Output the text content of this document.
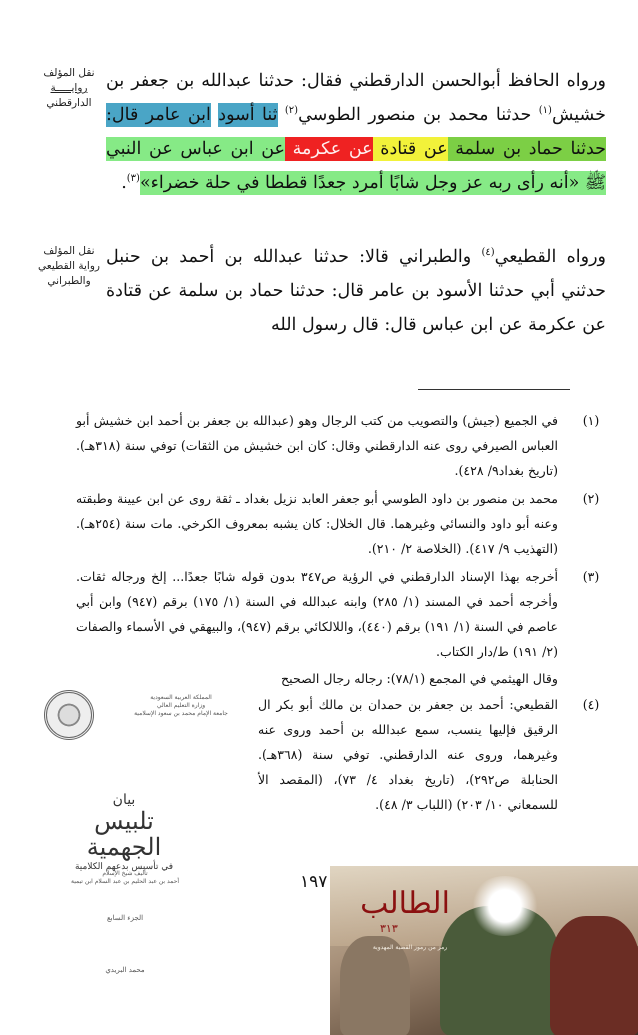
نقل المؤلف
روايـــــة
الدارقطني
نقل المؤلف
رواية القطيعي
والطبراني
ورواه الحافظ أبوالحسن الدارقطني فقال: حدثنا عبدالله بن جعفر بن خشيش$^{(١)}$ حدثنا محمد بن منصور الطوسي$^{(٢)}$ ثنا أسود ابن عامر قال: حدثنا حماد بن سلمة عن قتادة عن عكرمة عن ابن عباس عن النبي ﷺ «أنه رأى ربه عز وجل شابًا أمرد جعدًا قططا في حلة خضراء»$^{(٣)}$.
ورواه القطيعي$^{(٤)}$ والطبراني قالا: حدثنا عبدالله بن أحمد بن حنبل حدثني أبي حدثنا الأسود بن عامر قال: حدثنا حماد بن سلمة عن قتادة عن عكرمة عن ابن عباس قال: قال رسول الله
(١)
في الجميع (جيش) والتصويب من كتب الرجال وهو (عبدالله بن جعفر بن أحمد ابن خشيش أبو العباس الصيرفي روى عنه الدارقطني وقال: كان ابن خشيش من الثقات) توفي سنة (٣١٨هـ). (تاريخ بغداد٩/ ٤٢٨).
(٢)
محمد بن منصور بن داود الطوسي أبو جعفر العابد نزيل بغداد ـ ثقة روى عن ابن عيينة وطبقته وعنه أبو داود والنسائي وغيرهما. قال الخلال: كان يشبه بمعروف الكرخي. مات سنة (٢٥٤هـ). (التهذيب ٩/ ٤١٧). (الخلاصة ٢/ ٢١٠).
(٣)
أخرجه بهذا الإسناد الدارقطني في الرؤية ص٣٤٧ بدون قوله شابًا جعدًا... إلخ ورجاله ثقات. وأخرجه أحمد في المسند (١/ ٢٨٥) وابنه عبدالله في السنة (١/ ١٧٥) برقم (٩٤٧) وابن أبي عاصم في السنة (١/ ١٩١) برقم (٤٤٠)، واللالكائي برقم (٩٤٧)، والبيهقي في الأسماء والصفات (٢/ ١٩١) ط/دار الكتاب.
وقال الهيثمي في المجمع (٧٨/١): رجاله رجال الصحيح
(٤)
القطيعي: أحمد بن جعفر بن حمدان بن مالك أبو بكر ال الرقيق فإليها ينسب، سمع عبدالله بن أحمد وروى عنه وغيرهما، وروى عنه الدارقطني. توفي سنة (٣٦٨هـ). الحنابلة ص٢٩٢)، (تاريخ بغداد ٤/ ٧٣)، (المقصد الأ للسمعاني ١٠/ ٢٠٣) (اللباب ٣/ ٤٨).
١٩٧
المملكة العربية السعودية
وزارة التعليم العالي
جامعة الإمام محمد بن سعود الإسلامية
بيان
تلبيس الجهمية
في تأسيس بدعهم الكلامية
تأليف شيخ الإسلام
أحمد بن عبد الحليم بن عبد السلام ابن تيمية
الجزء السابع
محمد البريدي
الطالب
٣١٣
رمز من رموز القضية المهدوية
